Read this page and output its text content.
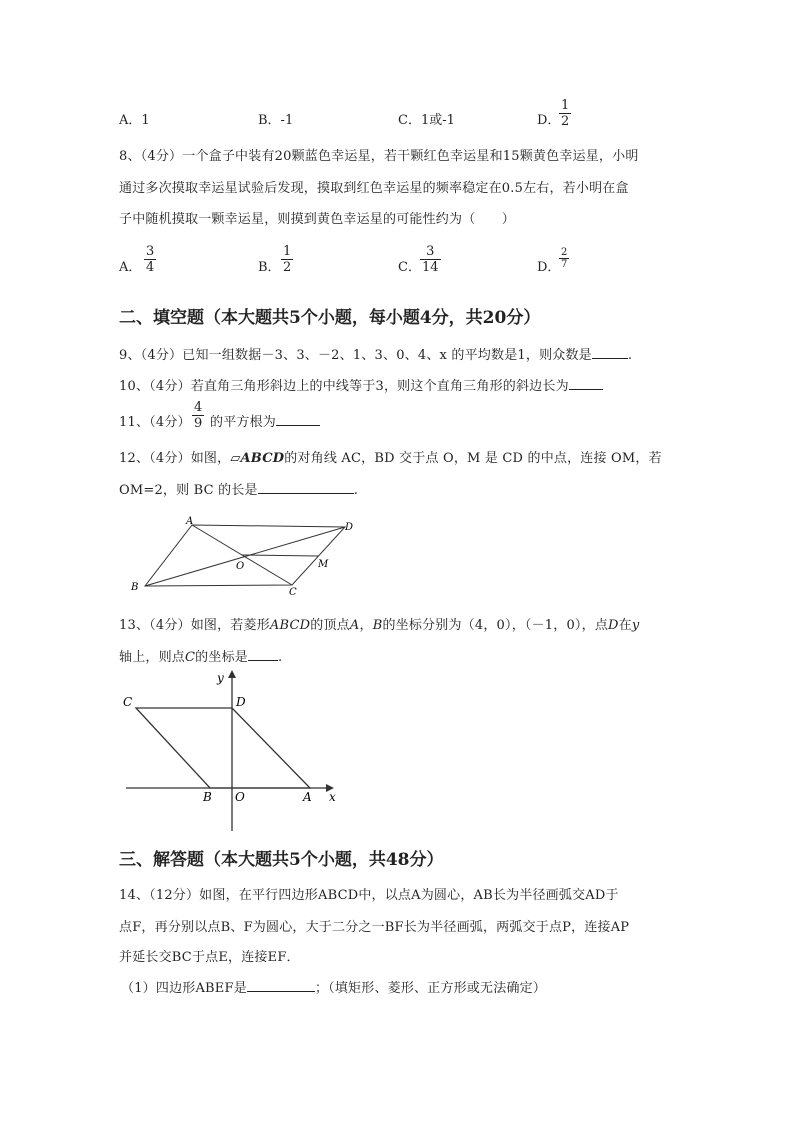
A．1	B．-1	C．1或-1	D．
1
2
8、（4分）一个盒子中装有20颗蓝色幸运星，若干颗红色幸运星和15颗黄色幸运星，小明
通过多次摸取幸运星试验后发现，摸取到红色幸运星的频率稳定在0.5左右，若小明在盒
子中随机摸取一颗幸运星，则摸到黄色幸运星的可能性约为（　　）
A．
3
4	B．
1
2	C．
3
14	D．
2
7
二、填空题（本大题共5个小题，每小题4分，共20分）
9、（4分）已知一组数据－3、3、－2、1、3、0、4、x 的平均数是1，则众数是	.
10、（4分）若直角三角形斜边上的中线等于3，则这个直角三角形的斜边长为
11、（4分）
4
9 的平方根为
12、（4分）如图，▱ABCD的对角线 AC，BD 交于点 O，M 是 CD 的中点，连接 OM，若
OM=2，则 BC 的长是	.
A
D
B	C
O	M
13、（4分）如图，若菱形ABCD的顶点A，B的坐标分别为（4，0），（－1，0），点D在y
轴上，则点C的坐标是 .
C	D
B O	A x
y
三、解答题（本大题共5个小题，共48分）
14、（12分）如图，在平行四边形ABCD中，以点A为圆心，AB长为半径画弧交AD于
点F，再分别以点B、F为圆心，大于二分之一BF长为半径画弧，两弧交于点P，连接AP
并延长交BC于点E，连接EF．
（1）四边形ABEF是	；（填矩形、菱形、正方形或无法确定）
